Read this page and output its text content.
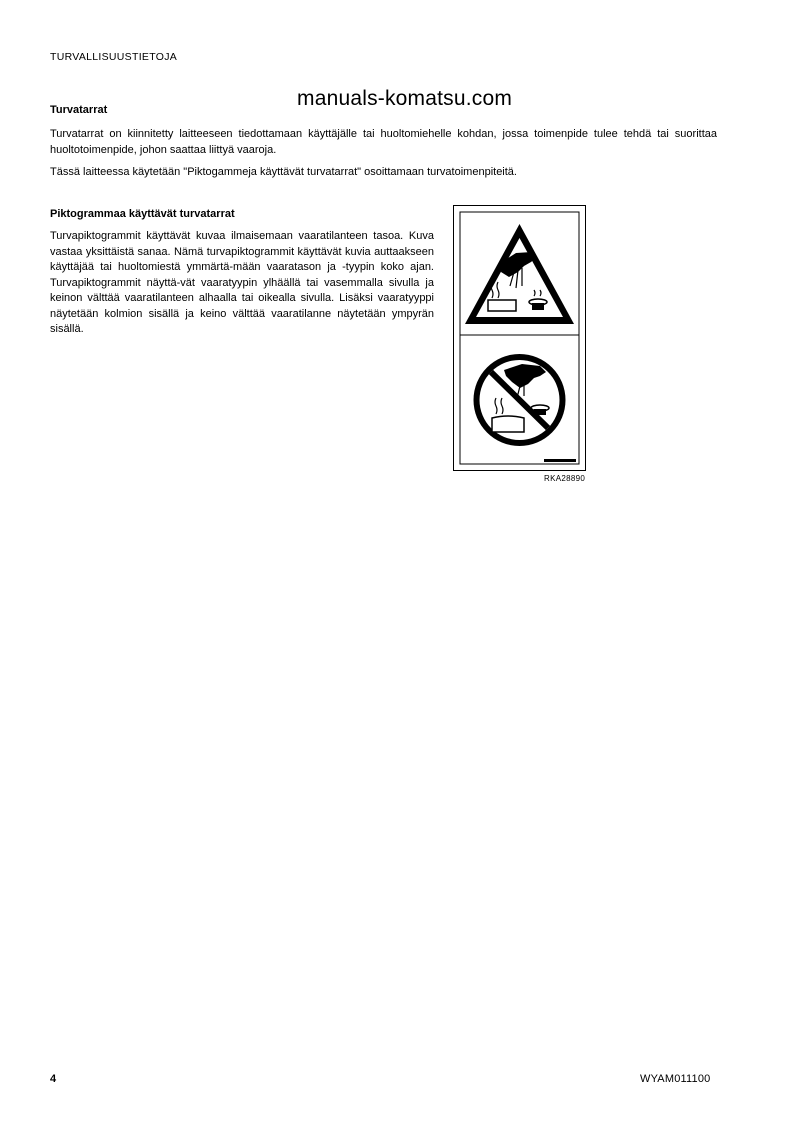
TURVALLISUUSTIETOJA
manuals-komatsu.com
Turvatarrat
Turvatarrat on kiinnitetty laitteeseen tiedottamaan käyttäjälle tai huoltomiehelle kohdan, jossa toimenpide tulee tehdä tai suorittaa huoltotoimenpide, johon saattaa liittyä vaaroja.
Tässä laitteessa käytetään "Piktogammeja käyttävät turvatarrat" osoittamaan turvatoimenpiteitä.
Piktogrammaa käyttävät turvatarrat
Turvapiktogrammit käyttävät kuvaa ilmaisemaan vaaratilanteen tasoa. Kuva vastaa yksittäistä sanaa. Nämä turvapiktogrammit käyttävät kuvia auttaakseen käyttäjää tai huoltomiestä ymmärtä-mään vaaratason ja -tyypin koko ajan. Turvapiktogrammit näyttä-vät vaaratyypin ylhäällä tai vasemmalla sivulla ja keinon välttää vaaratilanteen alhaalla tai oikealla sivulla. Lisäksi vaaratyyppi näytetään kolmion sisällä ja keino välttää vaaratilanne näytetään ympyrän sisällä.
RKA28890
4	WYAM011100
